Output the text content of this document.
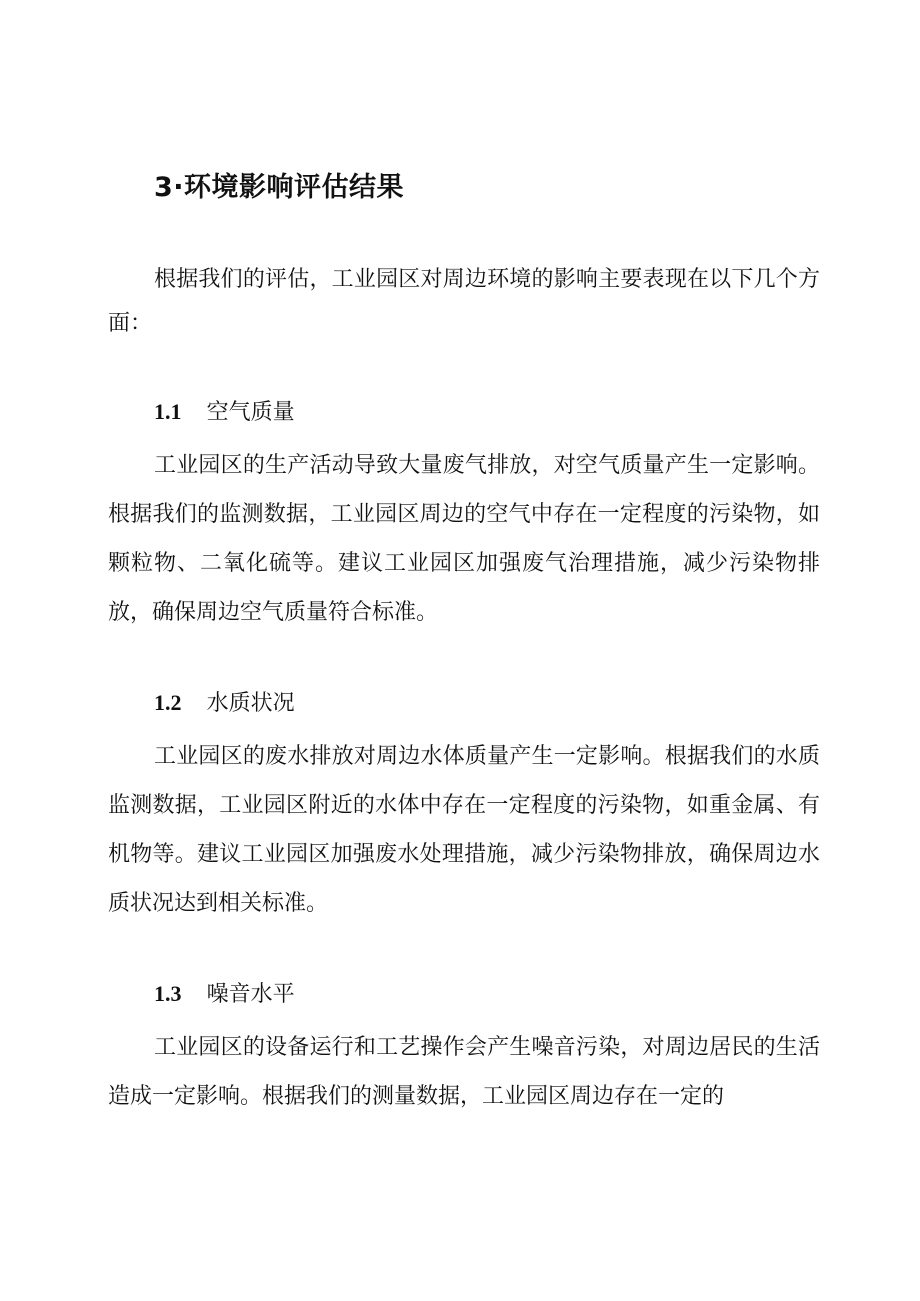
3·环境影响评估结果

根据我们的评估，工业园区对周边环境的影响主要表现在以下几个方面：

1.1 空气质量

工业园区的生产活动导致大量废气排放，对空气质量产生一定影响。根据我们的监测数据，工业园区周边的空气中存在一定程度的污染物，如颗粒物、二氧化硫等。建议工业园区加强废气治理措施，减少污染物排放，确保周边空气质量符合标准。

1.2 水质状况

工业园区的废水排放对周边水体质量产生一定影响。根据我们的水质监测数据，工业园区附近的水体中存在一定程度的污染物，如重金属、有机物等。建议工业园区加强废水处理措施，减少污染物排放，确保周边水质状况达到相关标准。

1.3 噪音水平

工业园区的设备运行和工艺操作会产生噪音污染，对周边居民的生活造成一定影响。根据我们的测量数据，工业园区周边存在一定的
